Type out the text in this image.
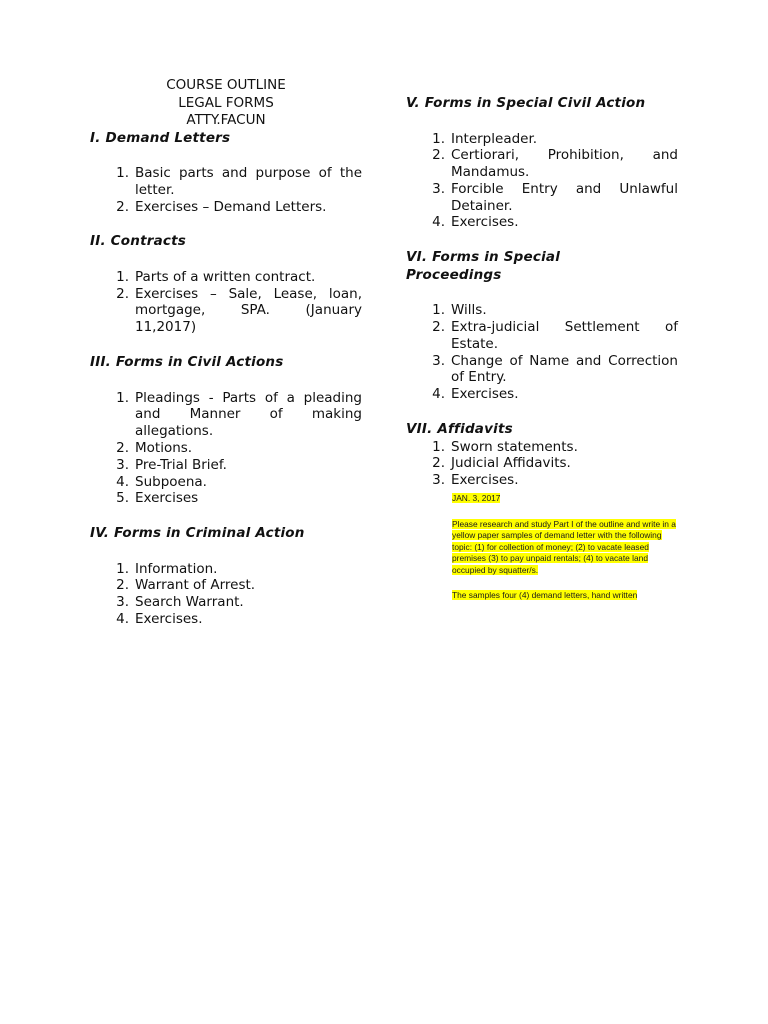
COURSE OUTLINE
LEGAL FORMS
ATTY.FACUN
I. Demand Letters
1. Basic parts and purpose of the letter.
2. Exercises – Demand Letters.
II. Contracts
1. Parts of a written contract.
2. Exercises – Sale, Lease, loan, mortgage, SPA. (January 11,2017)
III. Forms in Civil Actions
1. Pleadings - Parts of a pleading and Manner of making allegations.
2. Motions.
3. Pre-Trial Brief.
4. Subpoena.
5. Exercises
IV. Forms in Criminal Action
1. Information.
2. Warrant of Arrest.
3. Search Warrant.
4. Exercises.
V. Forms in Special Civil Action
1. Interpleader.
2. Certiorari, Prohibition, and Mandamus.
3. Forcible Entry and Unlawful Detainer.
4. Exercises.
VI. Forms in Special Proceedings
1. Wills.
2. Extra-judicial Settlement of Estate.
3. Change of Name and Correction of Entry.
4. Exercises.
VII. Affidavits
1. Sworn statements.
2. Judicial Affidavits.
3. Exercises.

JAN. 3, 2017

Please research and study Part I of the outline and write in a yellow paper samples of demand letter with the following topic: (1) for collection of money; (2) to vacate leased premises (3) to pay unpaid rentals; (4) to vacate land occupied by squatter/s.

The samples four (4) demand letters, hand written
